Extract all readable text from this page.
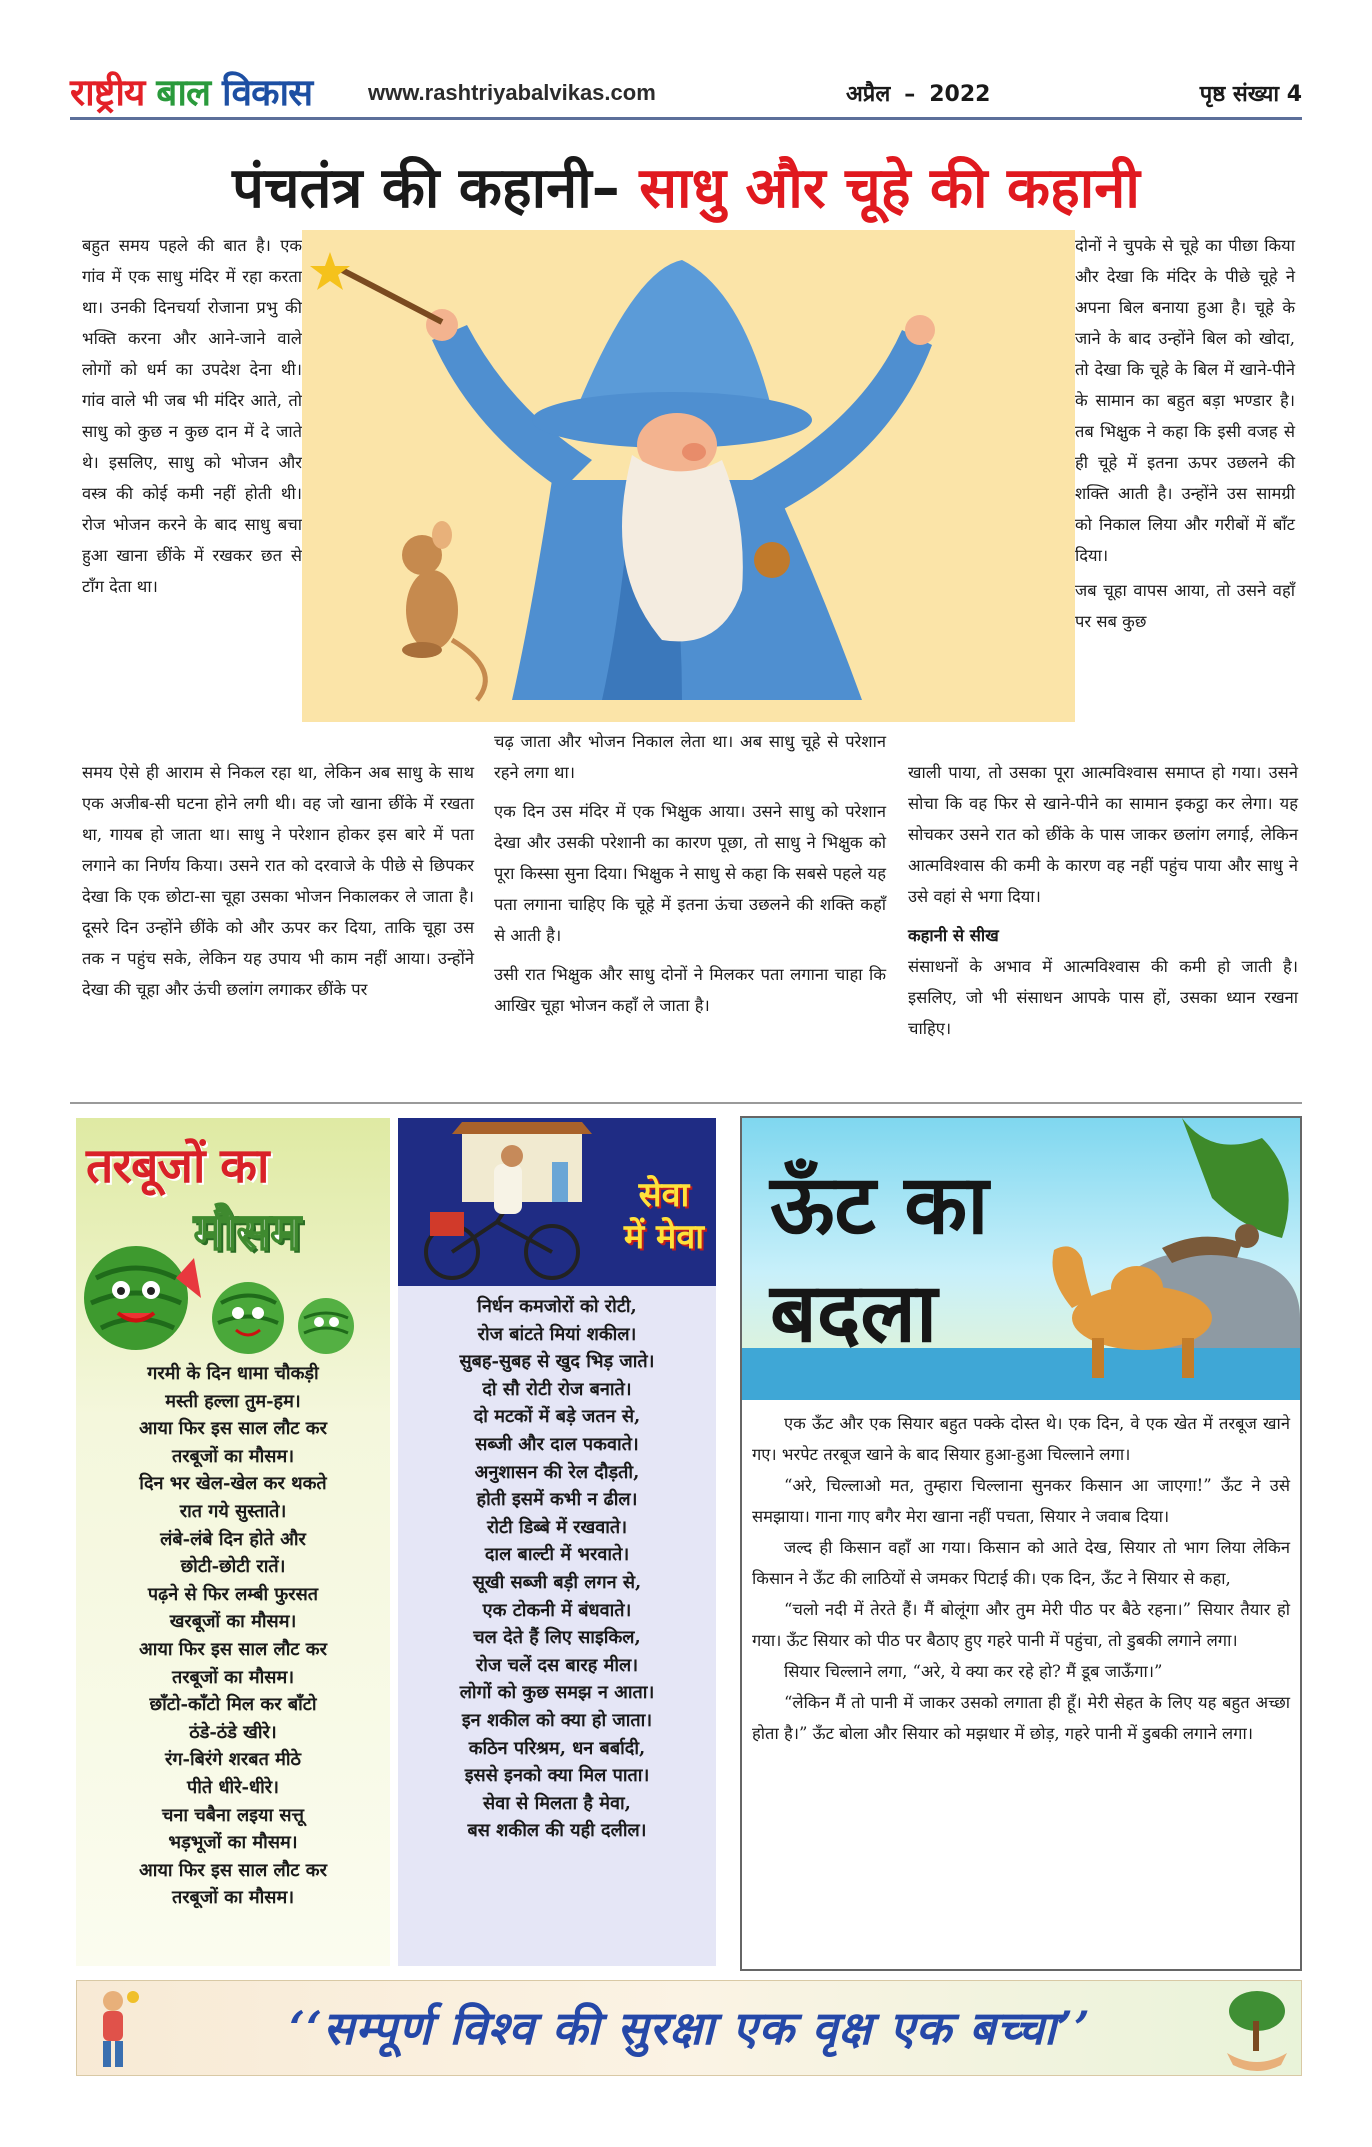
राष्ट्रीय बाल विकास	www.rashtriyabalvikas.com	अप्रैल – 2022	पृष्ठ संख्या 4
पंचतंत्र की कहानी– साधु और चूहे की कहानी
बहुत समय पहले की बात है। एक गांव में एक साधु मंदिर में रहा करता था। उनकी दिनचर्या रोजाना प्रभु की भक्ति करना और आने-जाने वाले लोगों को धर्म का उपदेश देना थी। गांव वाले भी जब भी मंदिर आते, तो साधु को कुछ न कुछ दान में दे जाते थे। इसलिए, साधु को भोजन और वस्त्र की कोई कमी नहीं होती थी। रोज भोजन करने के बाद साधु बचा हुआ खाना छींके में रखकर छत से टाँग देता था।
दोनों ने चुपके से चूहे का पीछा किया और देखा कि मंदिर के पीछे चूहे ने अपना बिल बनाया हुआ है। चूहे के जाने के बाद उन्होंने बिल को खोदा, तो देखा कि चूहे के बिल में खाने-पीने के सामान का बहुत बड़ा भण्डार है। तब भिक्षुक ने कहा कि इसी वजह से ही चूहे में इतना ऊपर उछलने की शक्ति आती है। उन्होंने उस सामग्री को निकाल लिया और गरीबों में बाँट दिया।
जब चूहा वापस आया, तो उसने वहाँ पर सब कुछ
समय ऐसे ही आराम से निकल रहा था, लेकिन अब साधु के साथ एक अजीब-सी घटना होने लगी थी। वह जो खाना छींके में रखता था, गायब हो जाता था। साधु ने परेशान होकर इस बारे में पता लगाने का निर्णय किया। उसने रात को दरवाजे के पीछे से छिपकर देखा कि एक छोटा-सा चूहा उसका भोजन निकालकर ले जाता है। दूसरे दिन उन्होंने छींके को और ऊपर कर दिया, ताकि चूहा उस तक न पहुंच सके, लेकिन यह उपाय भी काम नहीं आया। उन्होंने देखा की चूहा और ऊंची छलांग लगाकर छींके पर
चढ़ जाता और भोजन निकाल लेता था। अब साधु चूहे से परेशान रहने लगा था।
एक दिन उस मंदिर में एक भिक्षुक आया। उसने साधु को परेशान देखा और उसकी परेशानी का कारण पूछा, तो साधु ने भिक्षुक को पूरा किस्सा सुना दिया। भिक्षुक ने साधु से कहा कि सबसे पहले यह पता लगाना चाहिए कि चूहे में इतना ऊंचा उछलने की शक्ति कहाँ से आती है।
उसी रात भिक्षुक और साधु दोनों ने मिलकर पता लगाना चाहा कि आखिर चूहा भोजन कहाँ ले जाता है।
खाली पाया, तो उसका पूरा आत्मविश्वास समाप्त हो गया। उसने सोचा कि वह फिर से खाने-पीने का सामान इकट्ठा कर लेगा। यह सोचकर उसने रात को छींके के पास जाकर छलांग लगाई, लेकिन आत्मविश्वास की कमी के कारण वह नहीं पहुंच पाया और साधु ने उसे वहां से भगा दिया।
कहानी से सीख
संसाधनों के अभाव में आत्मविश्वास की कमी हो जाती है। इसलिए, जो भी संसाधन आपके पास हों, उसका ध्यान रखना चाहिए।
तरबूजों का
मौसम
गरमी के दिन धामा चौकड़ी
मस्ती हल्ला तुम-हम।
आया फिर इस साल लौट कर
तरबूजों का मौसम।
दिन भर खेल-खेल कर थकते
रात गये सुस्ताते।
लंबे-लंबे दिन होते और
छोटी-छोटी रातें।
पढ़ने से फिर लम्बी फुरसत
खरबूजों का मौसम।
आया फिर इस साल लौट कर
तरबूजों का मौसम।
छाँटो-काँटो मिल कर बाँटो
ठंडे-ठंडे खीरे।
रंग-बिरंगे शरबत मीठे
पीते धीरे-धीरे।
चना चबैना लइया सत्तू
भड़भूजों का मौसम।
आया फिर इस साल लौट कर
तरबूजों का मौसम।
सेवा
में मेवा
निर्धन कमजोरों को रोटी,
रोज बांटते मियां शकील।
सुबह-सुबह से खुद भिड़ जाते।
दो सौ रोटी रोज बनाते।
दो मटकों में बड़े जतन से,
सब्जी और दाल पकवाते।
अनुशासन की रेल दौड़ती,
होती इसमें कभी न ढील।
रोटी डिब्बे में रखवाते।
दाल बाल्टी में भरवाते।
सूखी सब्जी बड़ी लगन से,
एक टोकनी में बंधवाते।
चल देते हैं लिए साइकिल,
रोज चलें दस बारह मील।
लोगों को कुछ समझ न आता।
इन शकील को क्या हो जाता।
कठिन परिश्रम, धन बर्बादी,
इससे इनको क्या मिल पाता।
सेवा से मिलता है मेवा,
बस शकील की यही दलील।
ऊँट का
बदला
एक ऊँट और एक सियार बहुत पक्के दोस्त थे। एक दिन, वे एक खेत में तरबूज खाने गए। भरपेट तरबूज खाने के बाद सियार हुआ-हुआ चिल्लाने लगा।
“अरे, चिल्लाओ मत, तुम्हारा चिल्लाना सुनकर किसान आ जाएगा!” ऊँट ने उसे समझाया। गाना गाए बगैर मेरा खाना नहीं पचता, सियार ने जवाब दिया।
जल्द ही किसान वहाँ आ गया। किसान को आते देख, सियार तो भाग लिया लेकिन किसान ने ऊँट की लाठियों से जमकर पिटाई की। एक दिन, ऊँट ने सियार से कहा,
“चलो नदी में तेरते हैं। मैं बोलूंगा और तुम मेरी पीठ पर बैठे रहना।” सियार तैयार हो गया। ऊँट सियार को पीठ पर बैठाए हुए गहरे पानी में पहुंचा, तो डुबकी लगाने लगा।
सियार चिल्लाने लगा, “अरे, ये क्या कर रहे हो? मैं डूब जाऊँगा।”
“लेकिन मैं तो पानी में जाकर उसको लगाता ही हूँ। मेरी सेहत के लिए यह बहुत अच्छा होता है।” ऊँट बोला और सियार को मझधार में छोड़, गहरे पानी में डुबकी लगाने लगा।
‘‘सम्पूर्ण विश्व की सुरक्षा एक वृक्ष एक बच्चा’’
